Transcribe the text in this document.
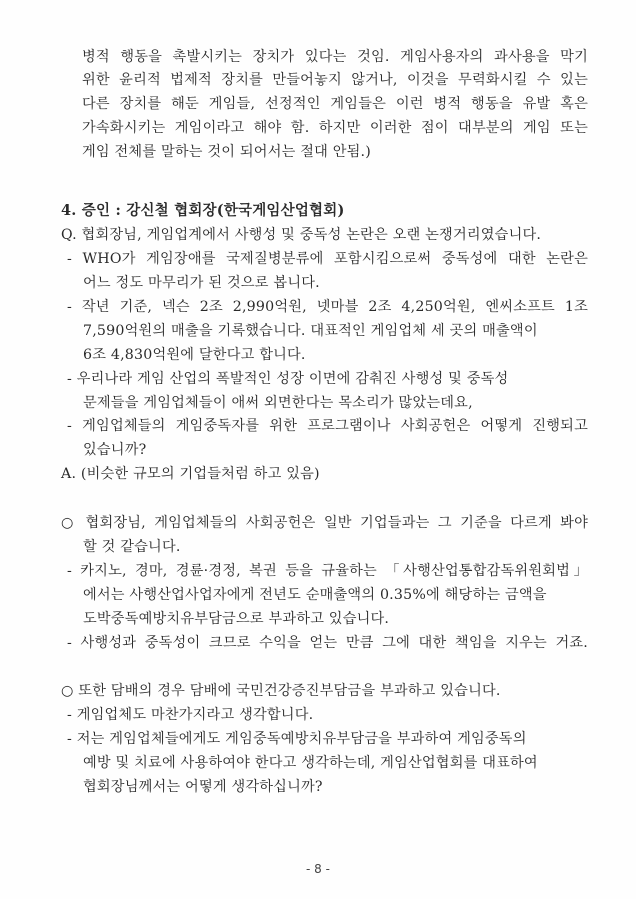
병적 행동을 촉발시키는 장치가 있다는 것임. 게임사용자의 과사용을 막기
위한 윤리적 법제적 장치를 만들어놓지 않거나, 이것을 무력화시킬 수 있는
다른 장치를 해둔 게임들, 선정적인 게임들은 이런 병적 행동을 유발 혹은
가속화시키는 게임이라고 해야 함. 하지만 이러한 점이 대부분의 게임 또는
게임 전체를 말하는 것이 되어서는 절대 안됨.)
4. 증인 : 강신철 협회장(한국게임산업협회)
Q. 협회장님, 게임업계에서 사행성 및 중독성 논란은 오랜 논쟁거리였습니다.
- WHO가 게임장애를 국제질병분류에 포함시킴으로써 중독성에 대한 논란은
어느 정도 마무리가 된 것으로 봅니다.
- 작년 기준, 넥슨 2조 2,990억원, 넷마블 2조 4,250억원, 엔씨소프트 1조
7,590억원의 매출을 기록했습니다. 대표적인 게임업체 세 곳의 매출액이
6조 4,830억원에 달한다고 합니다.
- 우리나라 게임 산업의 폭발적인 성장 이면에 감춰진 사행성 및 중독성
문제들을 게임업체들이 애써 외면한다는 목소리가 많았는데요,
- 게임업체들의 게임중독자를 위한 프로그램이나 사회공헌은 어떻게 진행되고
있습니까?
A. (비슷한 규모의 기업들처럼 하고 있음)
○ 협회장님, 게임업체들의 사회공헌은 일반 기업들과는 그 기준을 다르게 봐야
할 것 같습니다.
- 카지노, 경마, 경륜·경정, 복권 등을 규율하는 「사행산업통합감독위원회법」
에서는 사행산업사업자에게 전년도 순매출액의 0.35%에 해당하는 금액을
도박중독예방치유부담금으로 부과하고 있습니다.
- 사행성과 중독성이 크므로 수익을 얻는 만큼 그에 대한 책임을 지우는 거죠.
○ 또한 담배의 경우 담배에 국민건강증진부담금을 부과하고 있습니다.
- 게임업체도 마찬가지라고 생각합니다.
- 저는 게임업체들에게도 게임중독예방치유부담금을 부과하여 게임중독의
예방 및 치료에 사용하여야 한다고 생각하는데, 게임산업협회를 대표하여
협회장님께서는 어떻게 생각하십니까?
- 8 -
